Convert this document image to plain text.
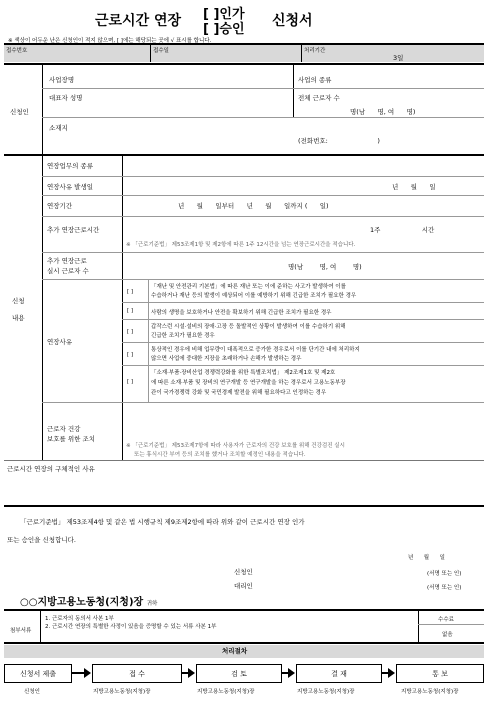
근로시간 연장 [ ]인가
[ ]승인
신청서
※ 색상이 어두운 난은 신청인이 적지 않으며, [ ]에는 해당되는 곳에 √ 표시를 합니다.
접수번호	접수일	처리기간
3일
신청인
사업장명	사업의 종류
대표자 성명	전체 근로자 수
명(남      명, 여      명)
소재지
(전화번호:                        )
신청
내용
연장업무의 종류
연장사유 발생일	년      월      일
연장기간	년      월      일부터      년      월      일까지 (      일)
추가 연장근로시간	1주                    시간
※ 「근로기준법」 제53조제1항 및 제2항에 따른 1주 12시간을 넘는 연장근로시간을 적습니다.
추가 연장근로
실시 근로자 수	명(남        명, 여        명)
연장사유
[ ]
「재난 및 안전관리 기본법」에 따른 재난 또는 이에 준하는 사고가 발생하여 이를
수습하거나 재난 등의 발생이 예상되어 이를 예방하기 위해 긴급한 조치가 필요한 경우
[ ]	사람의 생명을 보호하거나 안전을 확보하기 위해 긴급한 조치가 필요한 경우
[ ]
갑작스런 시설·설비의 장애·고장 등 돌발적인 상황이 발생하여 이를 수습하기 위해
긴급한 조치가 필요한 경우
[ ]
통상적인 경우에 비해 업무량이 대폭적으로 증가한 경우로서 이를 단기간 내에 처리하지
않으면 사업에 중대한 지장을 초래하거나 손해가 발생하는 경우
[ ]
「소재·부품·장비산업 경쟁력강화를 위한 특별조치법」 제2조제1호 및 제2호
에 따른 소재·부품 및 장비의 연구개발 등 연구개발을 하는 경우로서 고용노동부장
관이 국가경쟁력 강화 및 국민경제 발전을 위해 필요하다고 인정하는 경우
근로자 건강
보호를 위한 조치
※ 「근로기준법」 제53조제7항에 따라 사용자가 근로자의 건강 보호를 위해 건강검진 실시
또는 휴식시간 부여 등의 조치를 했거나 조치할 예정인 내용을 적습니다.
근로시간 연장의 구체적인 사유
「근로기준법」 제53조제4항 및 같은 법 시행규칙 제9조제2항에 따라 위와 같이 근로시간 연장 인가
또는 승인을 신청합니다.
년      월      일
신청인	(서명 또는 인)
대리인	(서명 또는 인)
○○지방고용노동청(지청)장 귀하
첨부서류
1. 근로자의 동의서 사본 1부
2. 근로시간 연장의 특별한 사정이 있음을 증명할 수 있는 서류 사본 1부
수수료
없음
처리절차
신청서 제출	접 수	검 토	결 재	통 보
신청인	지방고용노동청(지청)장	지방고용노동청(지청)장	지방고용노동청(지청)장	지방고용노동청(지청)장
